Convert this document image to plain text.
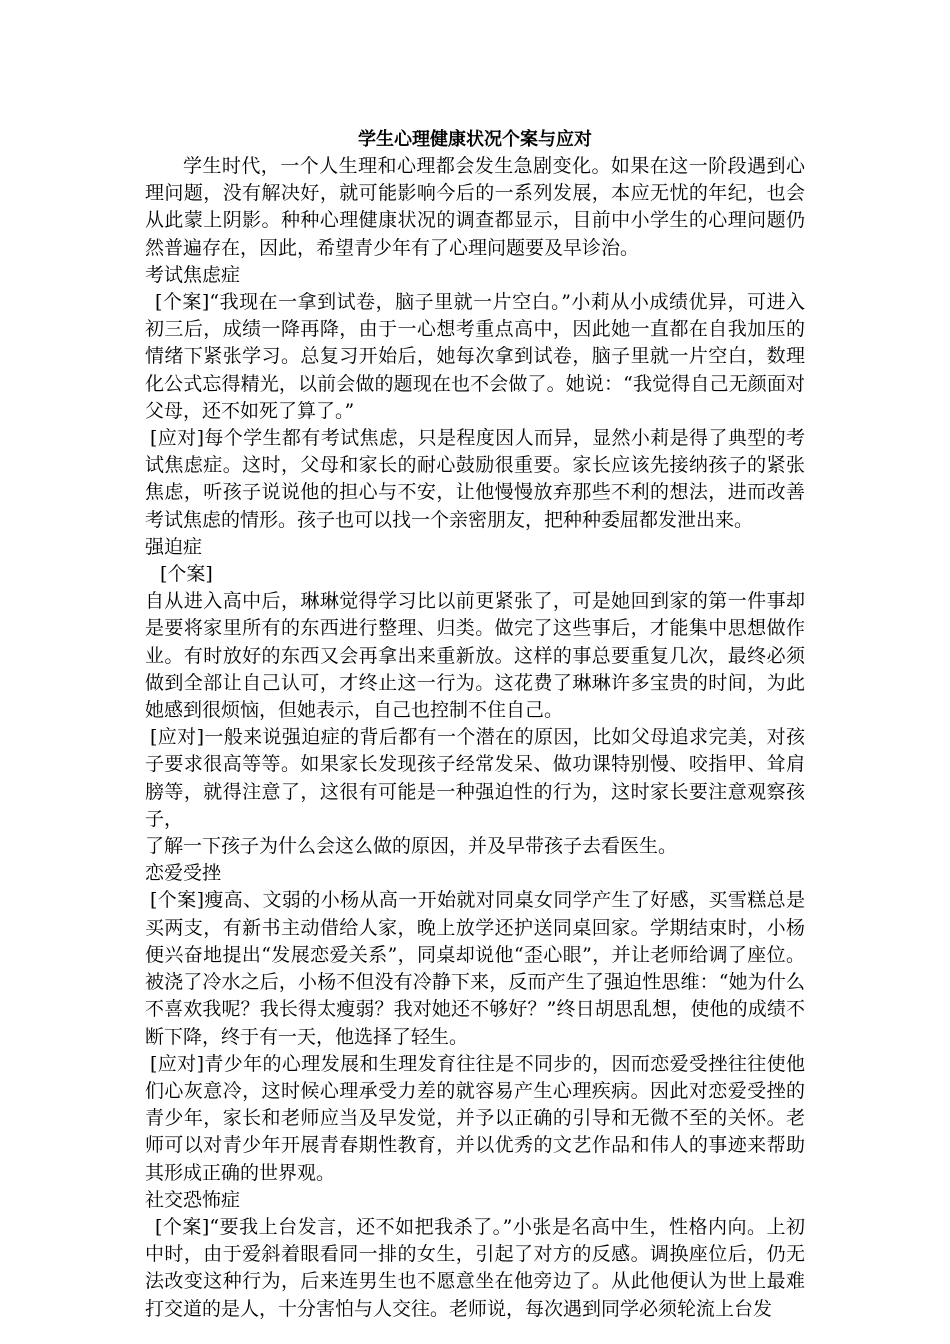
学生心理健康状况个案与应对

学生时代，一个人生理和心理都会发生急剧变化。如果在这一阶段遇到心理问题，没有解决好，就可能影响今后的一系列发展，本应无忧的年纪，也会从此蒙上阴影。种种心理健康状况的调查都显示，目前中小学生的心理问题仍然普遍存在，因此，希望青少年有了心理问题要及早诊治。

考试焦虑症

[个案]“我现在一拿到试卷，脑子里就一片空白。”小莉从小成绩优异，可进入初三后，成绩一降再降，由于一心想考重点高中，因此她一直都在自我加压的情绪下紧张学习。总复习开始后，她每次拿到试卷，脑子里就一片空白，数理化公式忘得精光，以前会做的题现在也不会做了。她说：“我觉得自己无颜面对父母，还不如死了算了。”

[应对]每个学生都有考试焦虑，只是程度因人而异，显然小莉是得了典型的考试焦虑症。这时，父母和家长的耐心鼓励很重要。家长应该先接纳孩子的紧张焦虑，听孩子说说他的担心与不安，让他慢慢放弃那些不利的想法，进而改善考试焦虑的情形。孩子也可以找一个亲密朋友，把种种委屈都发泄出来。

强迫症

[个案]

自从进入高中后，琳琳觉得学习比以前更紧张了，可是她回到家的第一件事却是要将家里所有的东西进行整理、归类。做完了这些事后，才能集中思想做作业。有时放好的东西又会再拿出来重新放。这样的事总要重复几次，最终必须做到全部让自己认可，才终止这一行为。这花费了琳琳许多宝贵的时间，为此她感到很烦恼，但她表示，自己也控制不住自己。

[应对]一般来说强迫症的背后都有一个潜在的原因，比如父母追求完美，对孩子要求很高等等。如果家长发现孩子经常发呆、做功课特别慢、咬指甲、耸肩膀等，就得注意了，这很有可能是一种强迫性的行为，这时家长要注意观察孩子，

了解一下孩子为什么会这么做的原因，并及早带孩子去看医生。

恋爱受挫

[个案]瘦高、文弱的小杨从高一开始就对同桌女同学产生了好感，买雪糕总是买两支，有新书主动借给人家，晚上放学还护送同桌回家。学期结束时，小杨便兴奋地提出“发展恋爱关系”，同桌却说他“歪心眼”，并让老师给调了座位。被浇了冷水之后，小杨不但没有冷静下来，反而产生了强迫性思维：“她为什么不喜欢我呢？我长得太瘦弱？我对她还不够好？”终日胡思乱想，使他的成绩不断下降，终于有一天，他选择了轻生。

[应对]青少年的心理发展和生理发育往往是不同步的，因而恋爱受挫往往使他们心灰意冷，这时候心理承受力差的就容易产生心理疾病。因此对恋爱受挫的青少年，家长和老师应当及早发觉，并予以正确的引导和无微不至的关怀。老师可以对青少年开展青春期性教育，并以优秀的文艺作品和伟人的事迹来帮助其形成正确的世界观。

社交恐怖症

[个案]“要我上台发言，还不如把我杀了。”小张是名高中生，性格内向。上初中时，由于爱斜着眼看同一排的女生，引起了对方的反感。调换座位后，仍无法改变这种行为，后来连男生也不愿意坐在他旁边了。从此他便认为世上最难打交道的是人，十分害怕与人交往。老师说，每次遇到同学必须轮流上台发
